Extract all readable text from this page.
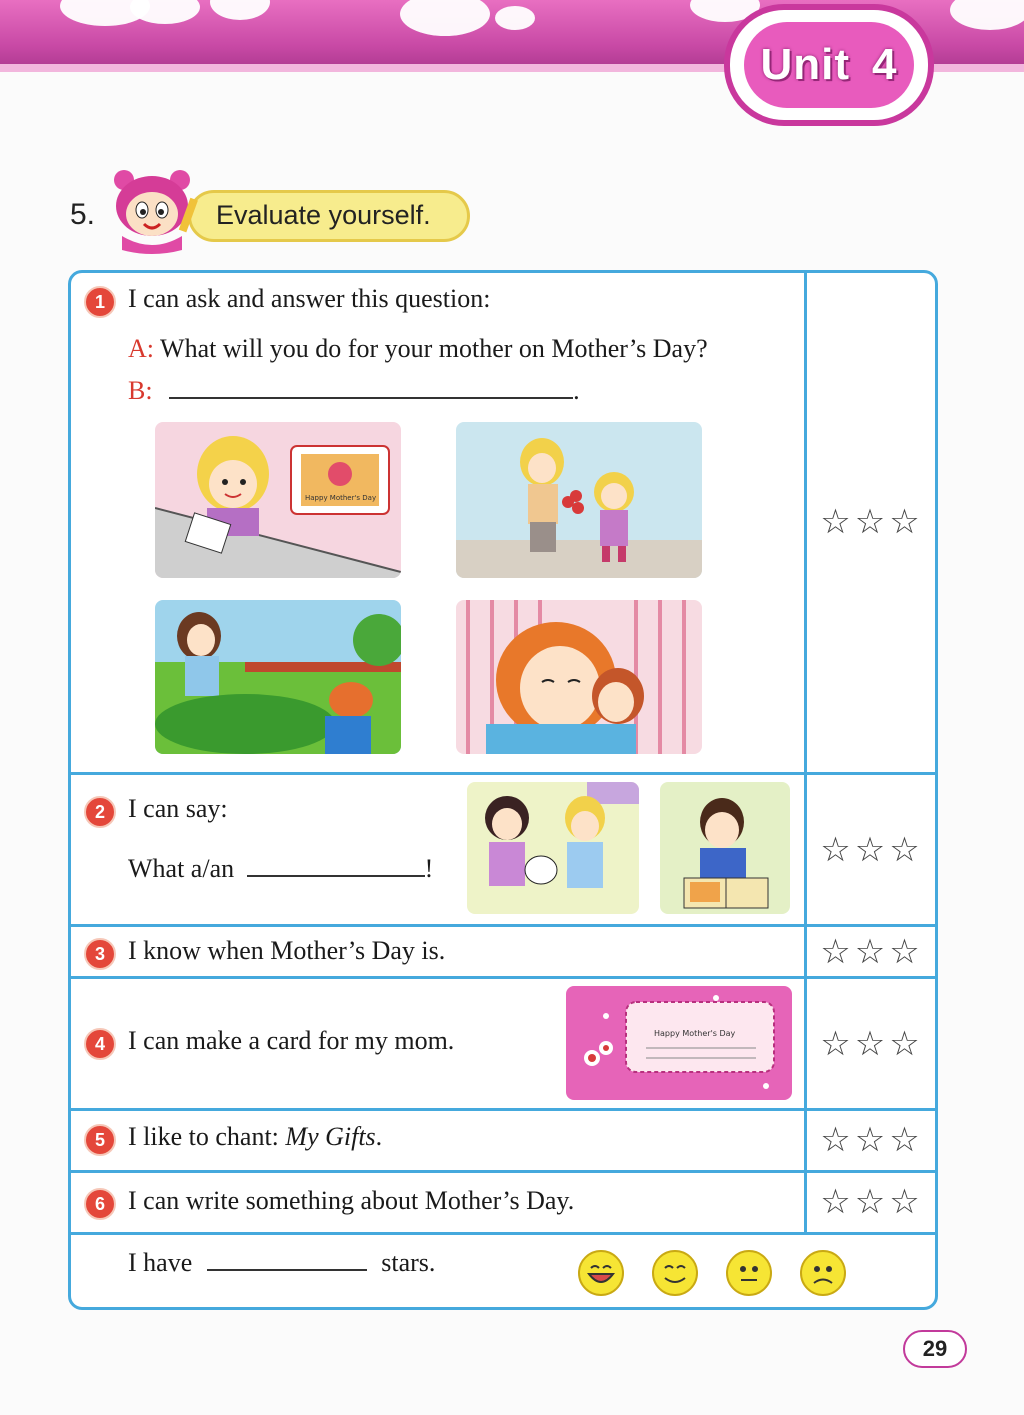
Unit 4
5.	Evaluate yourself.
1 I can ask and answer this question:
A: What will you do for your mother on Mother’s Day?
B:	.
Happy Mother's Day
☆☆☆
2 I can say:
What a/an	!	☆☆☆
3 I know when Mother’s Day is.	☆☆☆
4 I can make a card for my mom.	Happy Mother's Day ☆☆☆
5 I like to chant: My Gifts.	☆☆☆
6 I can write something about Mother’s Day.	☆☆☆
I have	stars.
29
